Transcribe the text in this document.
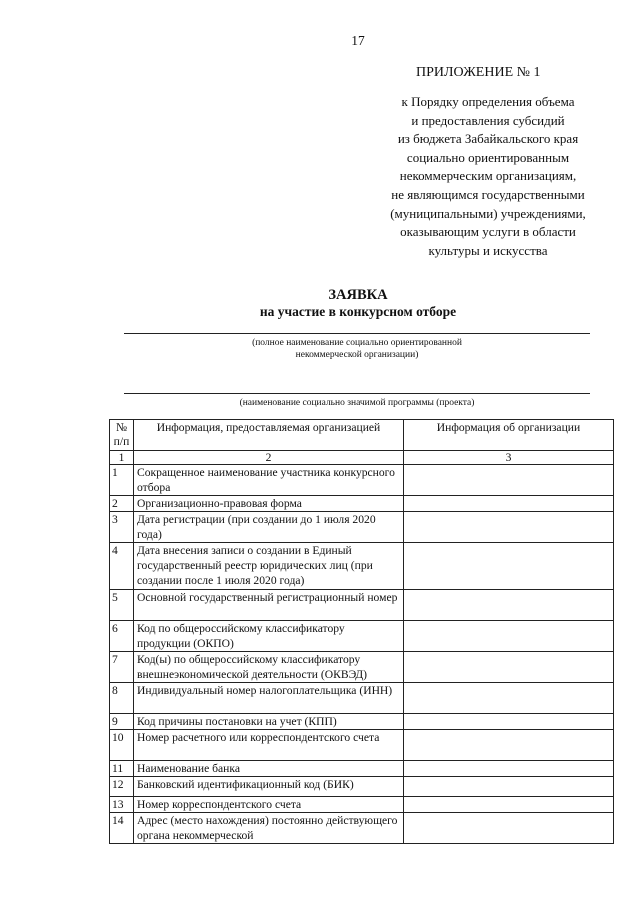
17
ПРИЛОЖЕНИЕ № 1
к Порядку определения объема
и предоставления субсидий
из бюджета Забайкальского края
социально ориентированным
некоммерческим организациям,
не являющимся государственными
(муниципальными) учреждениями,
оказывающим услуги в области
культуры и искусства
ЗАЯВКА
на участие в конкурсном отборе
(полное наименование социально ориентированной
некоммерческой организации)
(наименование социально значимой программы (проекта)
№ п/п	Информация, предоставляемая организацией	Информация об организации
1	2	3
1	Сокращенное наименование участника конкурсного отбора	
2	Организационно-правовая форма	
3	Дата регистрации (при создании до 1 июля 2020 года)	
4	Дата внесения записи о создании в Единый государственный реестр юридических лиц (при создании после 1 июля 2020 года)	
5	Основной государственный регистрационный номер	
6	Код по общероссийскому классификатору продукции (ОКПО)	
7	Код(ы) по общероссийскому классификатору внешнеэкономической деятельности (ОКВЭД)	
8	Индивидуальный номер налогоплательщика (ИНН)	
9	Код причины постановки на учет (КПП)	
10	Номер расчетного или корреспондентского счета	
11	Наименование банка	
12	Банковский идентификационный код (БИК)	
13	Номер корреспондентского счета	
14	Адрес (место нахождения) постоянно действующего органа некоммерческой	
